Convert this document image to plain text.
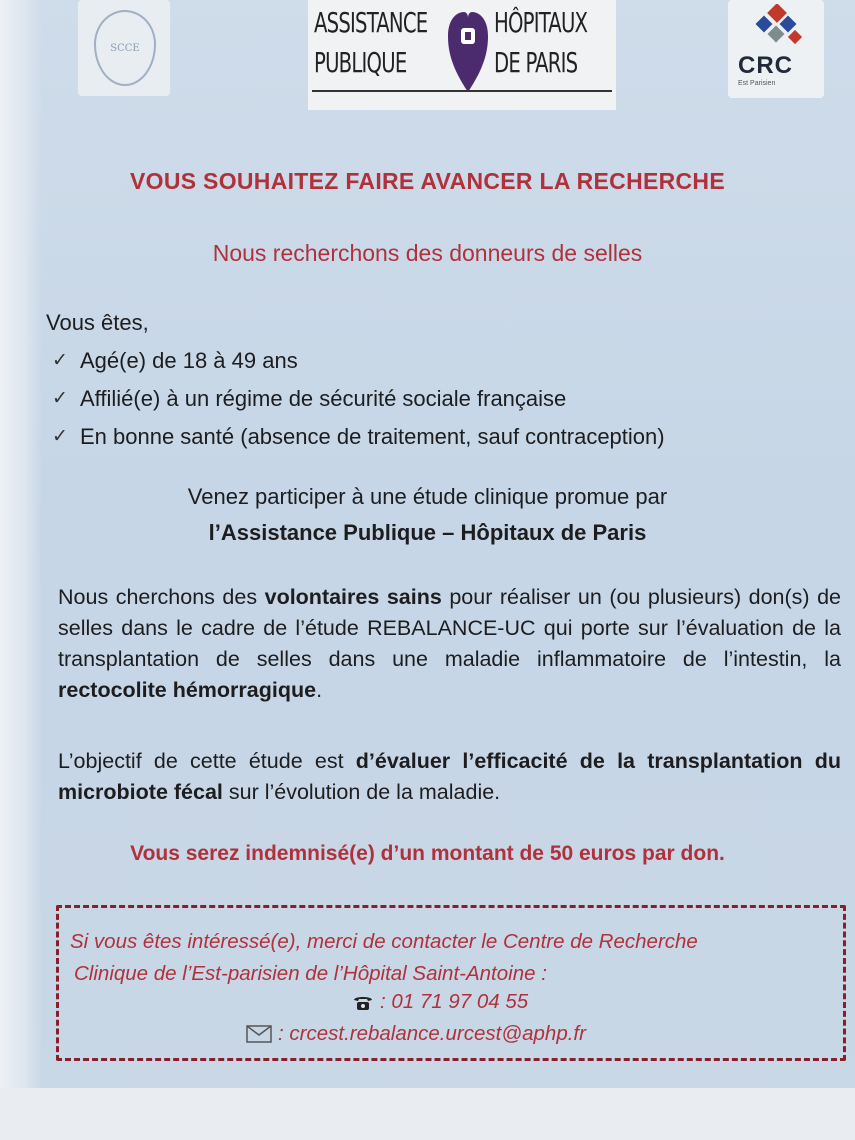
SCCE
ASSISTANCE HÔPITAUX
PUBLIQUE	DE PARIS	CRC
Est Parisien
VOUS SOUHAITEZ FAIRE AVANCER LA RECHERCHE
Nous recherchons des donneurs de selles
Vous êtes,
✓ Agé(e) de 18 à 49 ans
✓ Affilié(e) à un régime de sécurité sociale française
✓ En bonne santé (absence de traitement, sauf contraception)
Venez participer à une étude clinique promue par
l’Assistance Publique – Hôpitaux de Paris
Nous cherchons des volontaires sains pour réaliser un (ou plusieurs) don(s) de selles dans le cadre de l’étude REBALANCE-UC qui porte sur l’évaluation de la transplantation de selles dans une maladie inflammatoire de l’intestin, la rectocolite hémorragique.
L’objectif de cette étude est d’évaluer l’efficacité de la transplantation du microbiote fécal sur l’évolution de la maladie.
Vous serez indemnisé(e) d’un montant de 50 euros par don.
Si vous êtes intéressé(e), merci de contacter le Centre de Recherche
Clinique de l’Est-parisien de l’Hôpital Saint-Antoine :
: 01 71 97 04 55
: crcest.rebalance.urcest@aphp.fr
